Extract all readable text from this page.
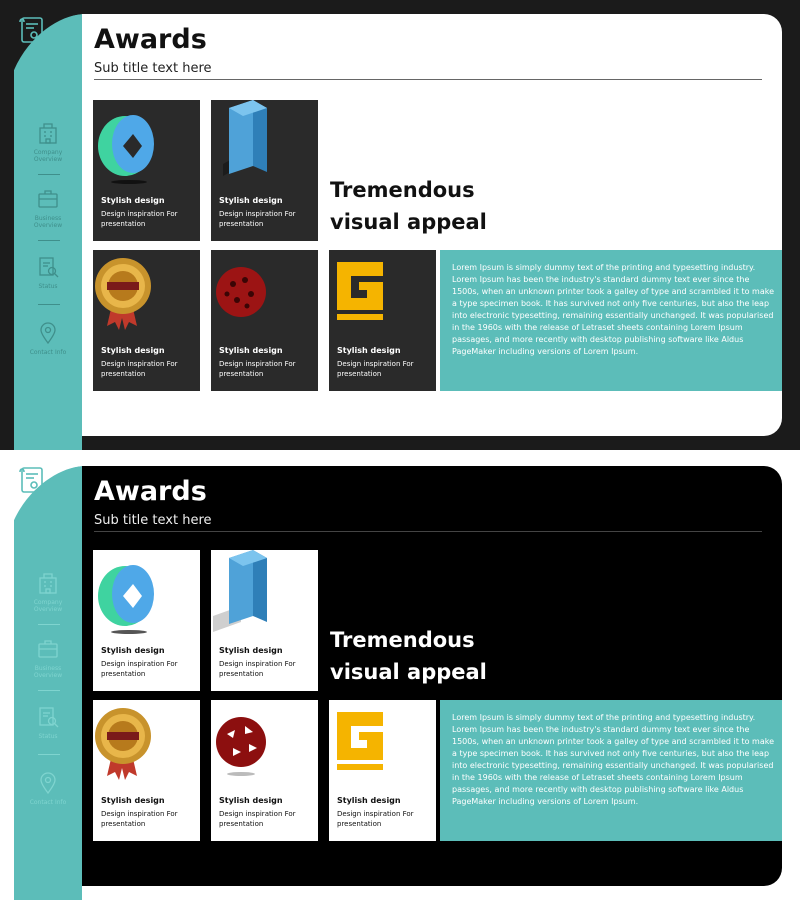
Company
Overview
Business
Overview
Status
Contact Info
Awards
Sub title text here
Stylish design
Design inspiration For presentation
Stylish design
Design inspiration For presentation
Stylish design
Design inspiration For presentation
Stylish design
Design inspiration For presentation
Stylish design
Design inspiration For presentation
Tremendous
visual appeal

Lorem Ipsum is simply dummy text of the printing and typesetting industry. Lorem Ipsum has been the industry's standard dummy text ever since the 1500s, when an unknown printer took a galley of type and scrambled it to make a type specimen book. It has survived not only five centuries, but also the leap into electronic typesetting, remaining essentially unchanged. It was popularised in the 1960s with the release of Letraset sheets containing Lorem Ipsum passages, and more recently with desktop publishing software like Aldus PageMaker including versions of Lorem Ipsum.

Company
Overview
Business
Overview
Status
Contact Info
Awards
Sub title text here
Stylish design
Design inspiration For presentation
Stylish design
Design inspiration For presentation
Stylish design
Design inspiration For presentation
Stylish design
Design inspiration For presentation
Stylish design
Design inspiration For presentation
Tremendous
visual appeal

Lorem Ipsum is simply dummy text of the printing and typesetting industry. Lorem Ipsum has been the industry's standard dummy text ever since the 1500s, when an unknown printer took a galley of type and scrambled it to make a type specimen book. It has survived not only five centuries, but also the leap into electronic typesetting, remaining essentially unchanged. It was popularised in the 1960s with the release of Letraset sheets containing Lorem Ipsum passages, and more recently with desktop publishing software like Aldus PageMaker including versions of Lorem Ipsum.
